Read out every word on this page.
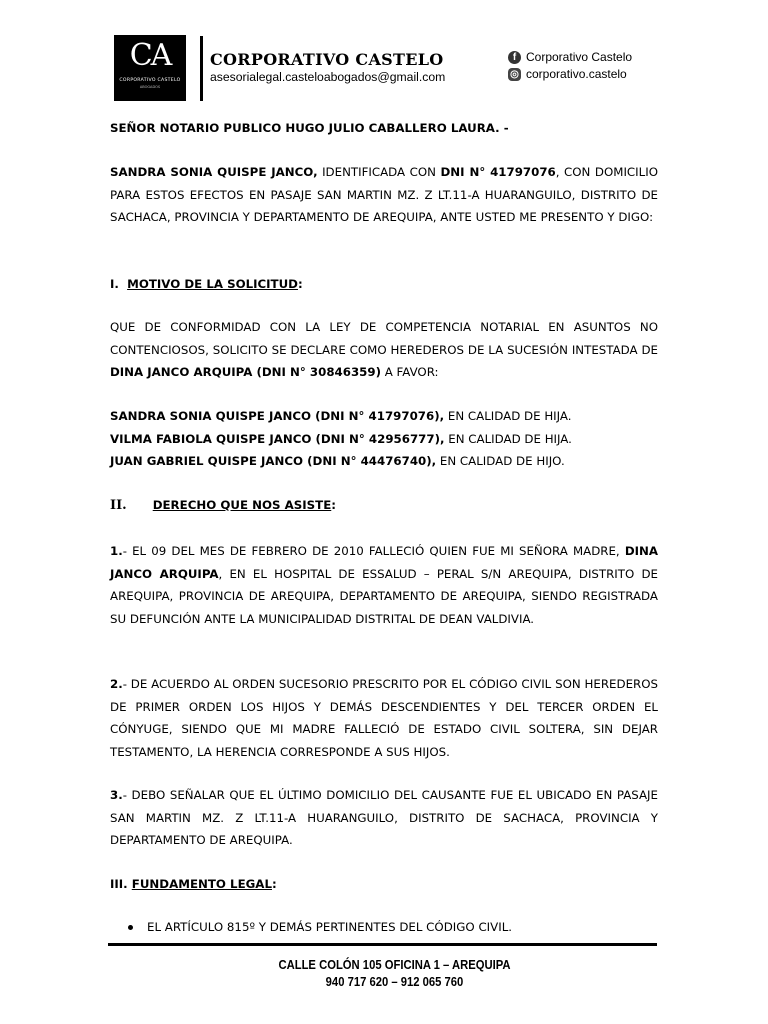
CA
CORPORATIVO CASTELO
ABOGADOS
CORPORATIVO CASTELO
asesorialegal.casteloabogados@gmail.com
f Corporativo Castelo
◎ corporativo.castelo
SEÑOR NOTARIO PUBLICO HUGO JULIO CABALLERO LAURA. -
SANDRA SONIA QUISPE JANCO, IDENTIFICADA CON DNI N° 41797076, CON DOMICILIO PARA ESTOS EFECTOS EN PASAJE SAN MARTIN MZ. Z LT.11-A HUARANGUILO, DISTRITO DE SACHACA, PROVINCIA Y DEPARTAMENTO DE AREQUIPA, ANTE USTED ME PRESENTO Y DIGO:
I. MOTIVO DE LA SOLICITUD:
QUE DE CONFORMIDAD CON LA LEY DE COMPETENCIA NOTARIAL EN ASUNTOS NO CONTENCIOSOS, SOLICITO SE DECLARE COMO HEREDEROS DE LA SUCESIÓN INTESTADA DE DINA JANCO ARQUIPA (DNI N° 30846359) A FAVOR:
SANDRA SONIA QUISPE JANCO (DNI N° 41797076), EN CALIDAD DE HIJA.
VILMA FABIOLA QUISPE JANCO (DNI N° 42956777), EN CALIDAD DE HIJA.
JUAN GABRIEL QUISPE JANCO (DNI N° 44476740), EN CALIDAD DE HIJO.
II. DERECHO QUE NOS ASISTE:
1.- EL 09 DEL MES DE FEBRERO DE 2010 FALLECIÓ QUIEN FUE MI SEÑORA MADRE, DINA JANCO ARQUIPA, EN EL HOSPITAL DE ESSALUD – PERAL S/N AREQUIPA, DISTRITO DE AREQUIPA, PROVINCIA DE AREQUIPA, DEPARTAMENTO DE AREQUIPA, SIENDO REGISTRADA SU DEFUNCIÓN ANTE LA MUNICIPALIDAD DISTRITAL DE DEAN VALDIVIA.
2.- DE ACUERDO AL ORDEN SUCESORIO PRESCRITO POR EL CÓDIGO CIVIL SON HEREDEROS DE PRIMER ORDEN LOS HIJOS Y DEMÁS DESCENDIENTES Y DEL TERCER ORDEN EL CÓNYUGE, SIENDO QUE MI MADRE FALLECIÓ DE ESTADO CIVIL SOLTERA, SIN DEJAR TESTAMENTO, LA HERENCIA CORRESPONDE A SUS HIJOS.
3.- DEBO SEÑALAR QUE EL ÚLTIMO DOMICILIO DEL CAUSANTE FUE EL UBICADO EN PASAJE SAN MARTIN MZ. Z LT.11-A HUARANGUILO, DISTRITO DE SACHACA, PROVINCIA Y DEPARTAMENTO DE AREQUIPA.
III. FUNDAMENTO LEGAL:
EL ARTÍCULO 815º Y DEMÁS PERTINENTES DEL CÓDIGO CIVIL.
CALLE COLÓN 105 OFICINA 1 – AREQUIPA
940 717 620 – 912 065 760
